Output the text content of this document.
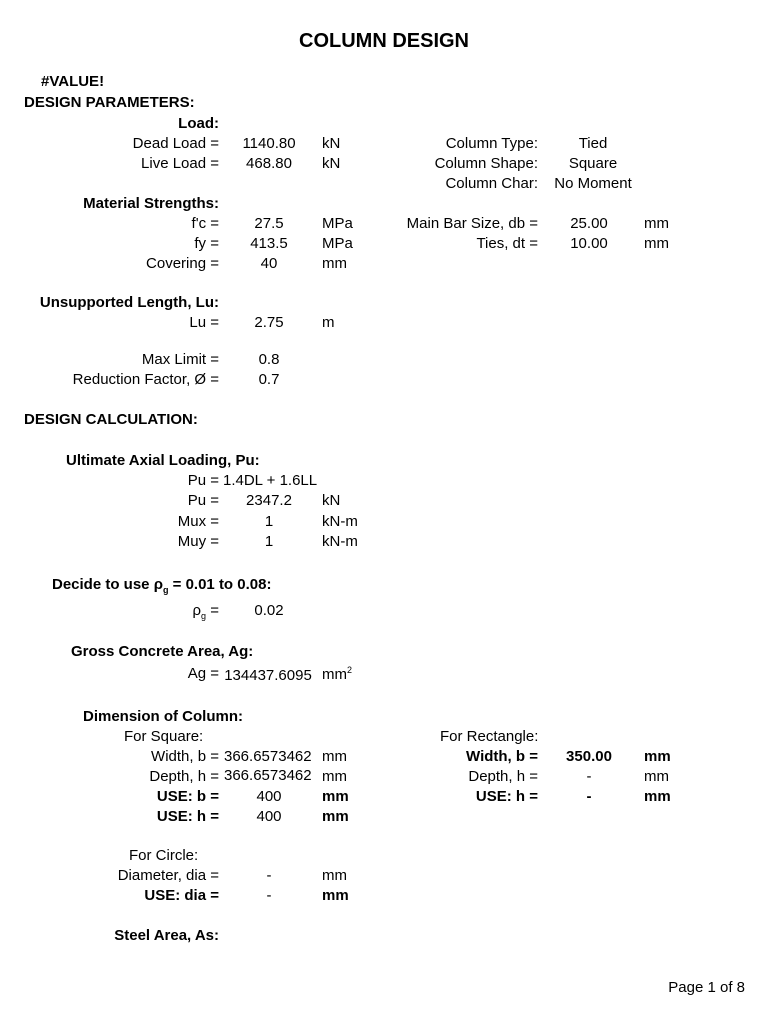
COLUMN DESIGN
#VALUE!
DESIGN PARAMETERS:
Load:
Dead Load =	1140.80	kN
Live Load =	468.80	kN
Column Type:	Tied
Column Shape:	Square
Column Char:	No Moment
Material Strengths:
f'c =	27.5	MPa
fy =	413.5	MPa
Covering =	40	mm
Main Bar Size, db =	25.00	mm
Ties, dt =	10.00	mm
Unsupported Length, Lu:
Lu =	2.75	m
Max Limit =	0.8
Reduction Factor, Ø =	0.7
DESIGN CALCULATION:
Ultimate Axial Loading, Pu:
Pu = 1.4DL + 1.6LL
Pu =	2347.2	kN
Mux =	1	kN-m
Muy =	1	kN-m
Decide to use $\rho_g = 0.01$ to 0.08:
$\rho_g$ =	0.02
Gross Concrete Area, Ag:
Ag = 134437.6095 $mm^2$
Dimension of Column:
For Square:
Width, b = 366.6573462 mm
Depth, h = 366.6573462 mm
USE: b =	400	mm
USE: h =	400	mm
For Rectangle:
Width, b =	350.00	mm
Depth, h =	-	mm
USE: h =	-	mm
For Circle:
Diameter, dia =	-	mm
USE: dia =	-	mm
Steel Area, As:
Page 1 of 8
